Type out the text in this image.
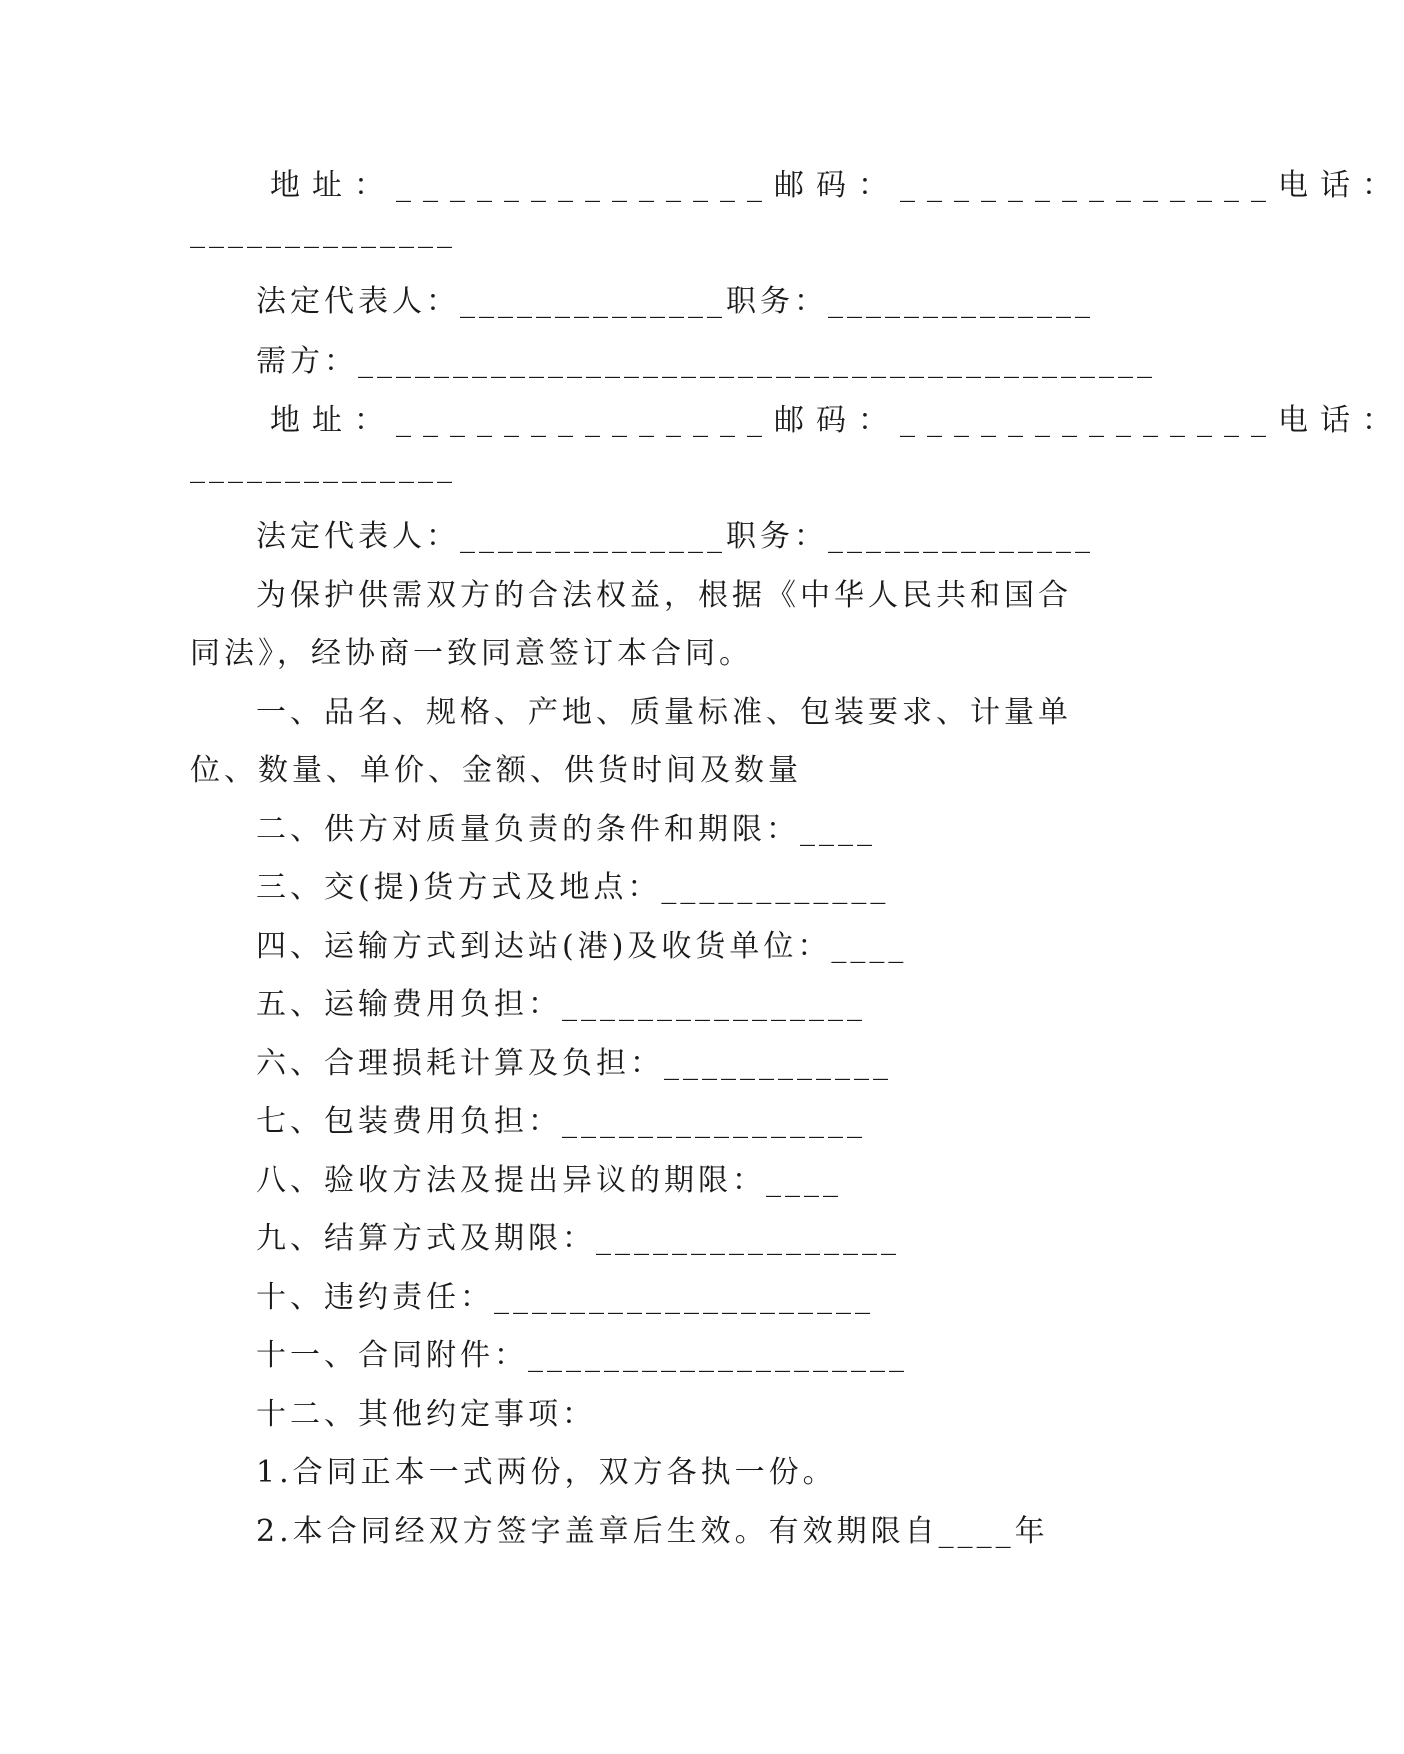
地址：______________邮码：______________电话：
______________
法定代表人：______________职务：______________
需方：__________________________________________
地址：______________邮码：______________电话：
______________
法定代表人：______________职务：______________
为保护供需双方的合法权益，根据《中华人民共和国合
同法》，经协商一致同意签订本合同。
一、品名、规格、产地、质量标准、包装要求、计量单
位、数量、单价、金额、供货时间及数量
二、供方对质量负责的条件和期限：____
三、交(提)货方式及地点：____________
四、运输方式到达站(港)及收货单位：____
五、运输费用负担：________________
六、合理损耗计算及负担：____________
七、包装费用负担：________________
八、验收方法及提出异议的期限：____
九、结算方式及期限：________________
十、违约责任：____________________
十一、合同附件：____________________
十二、其他约定事项：
1.合同正本一式两份，双方各执一份。
2.本合同经双方签字盖章后生效。有效期限自____年
